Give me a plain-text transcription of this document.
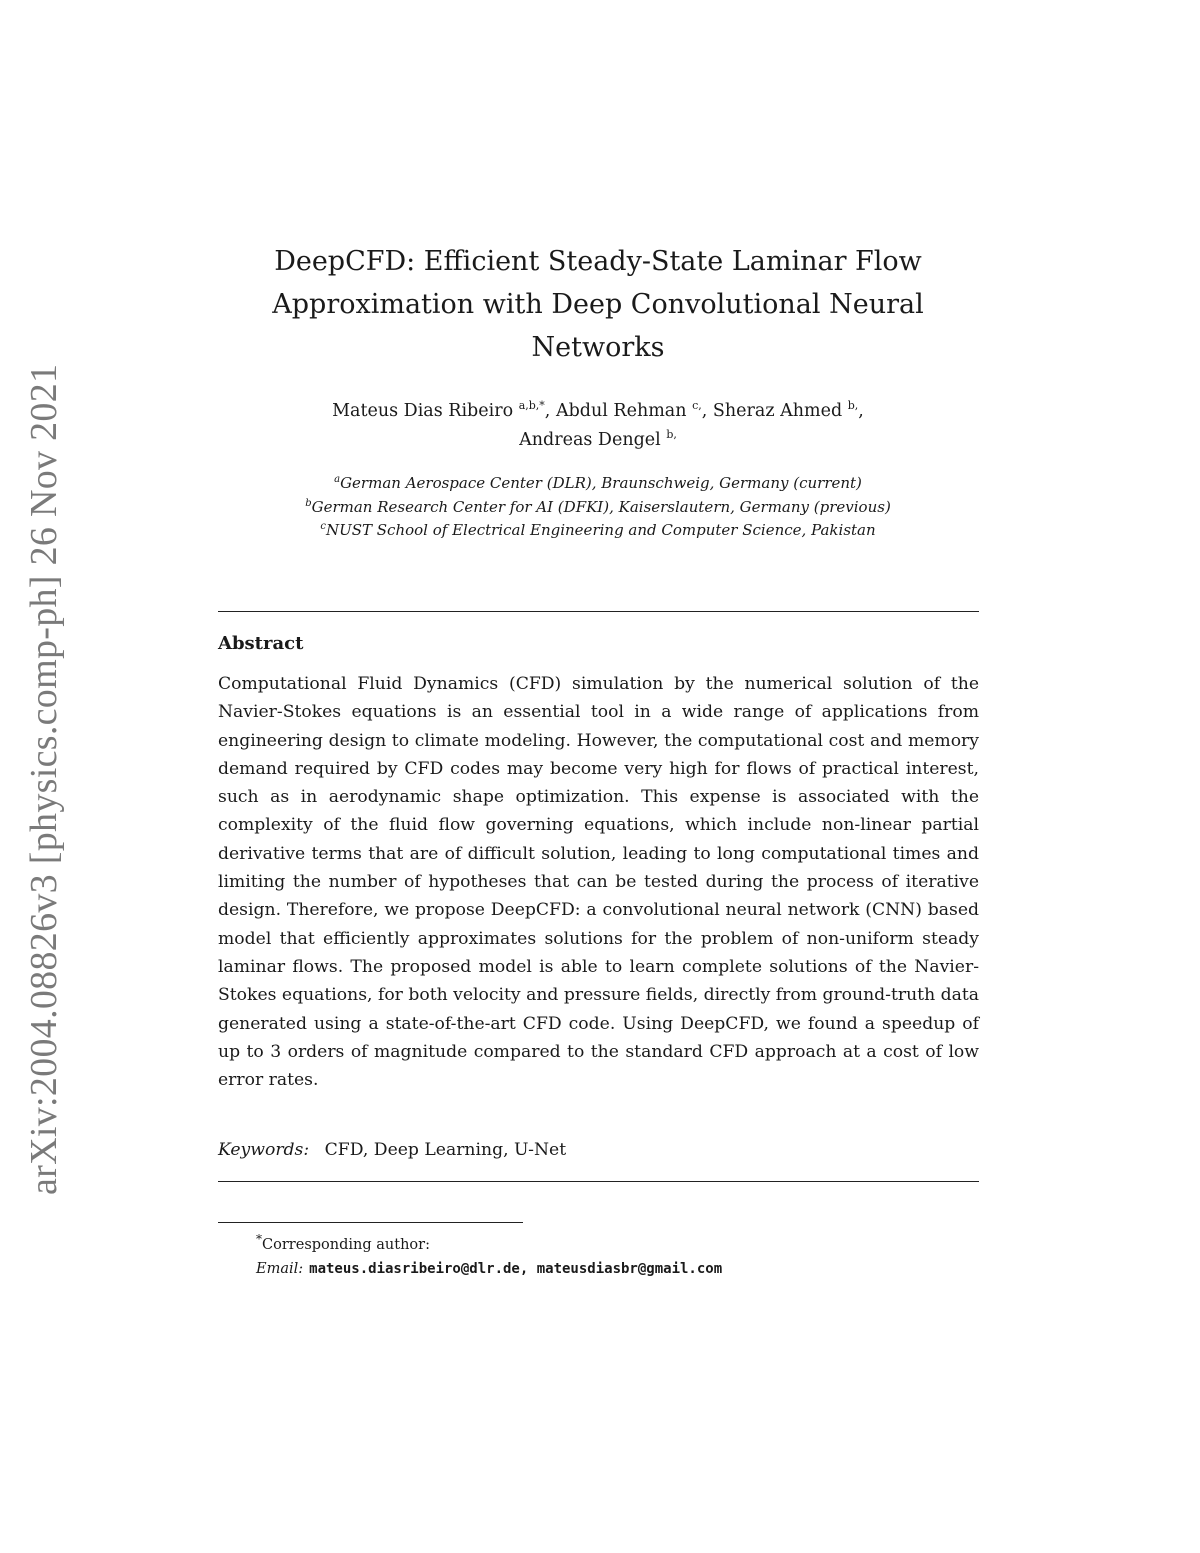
arXiv:2004.08826v3 [physics.comp-ph] 26 Nov 2021
DeepCFD: Efficient Steady-State Laminar Flow
Approximation with Deep Convolutional Neural
Networks
Mateus Dias Ribeiro $^{a,b,*}$, Abdul Rehman $^{c,}$, Sheraz Ahmed $^{b,}$,
Andreas Dengel $^{b,}$
$^a$German Aerospace Center (DLR), Braunschweig, Germany (current)
$^b$German Research Center for AI (DFKI), Kaiserslautern, Germany (previous)
$^c$NUST School of Electrical Engineering and Computer Science, Pakistan
Abstract

Computational Fluid Dynamics (CFD) simulation by the numerical solution of the Navier-Stokes equations is an essential tool in a wide range of applications from engineering design to climate modeling. However, the computational cost and memory demand required by CFD codes may become very high for flows of practical interest, such as in aerodynamic shape optimization. This expense is associated with the complexity of the fluid flow governing equations, which include non-linear partial derivative terms that are of difficult solution, leading to long computational times and limiting the number of hypotheses that can be tested during the process of iterative design. Therefore, we propose DeepCFD: a convolutional neural network (CNN) based model that efficiently approximates solutions for the problem of non-uniform steady laminar flows. The proposed model is able to learn complete solutions of the Navier-Stokes equations, for both velocity and pressure fields, directly from ground-truth data generated using a state-of-the-art CFD code. Using DeepCFD, we found a speedup of up to 3 orders of magnitude compared to the standard CFD approach at a cost of low error rates.

Keywords: CFD, Deep Learning, U-Net
*Corresponding author:
Email: mateus.diasribeiro@dlr.de, mateusdiasbr@gmail.com
